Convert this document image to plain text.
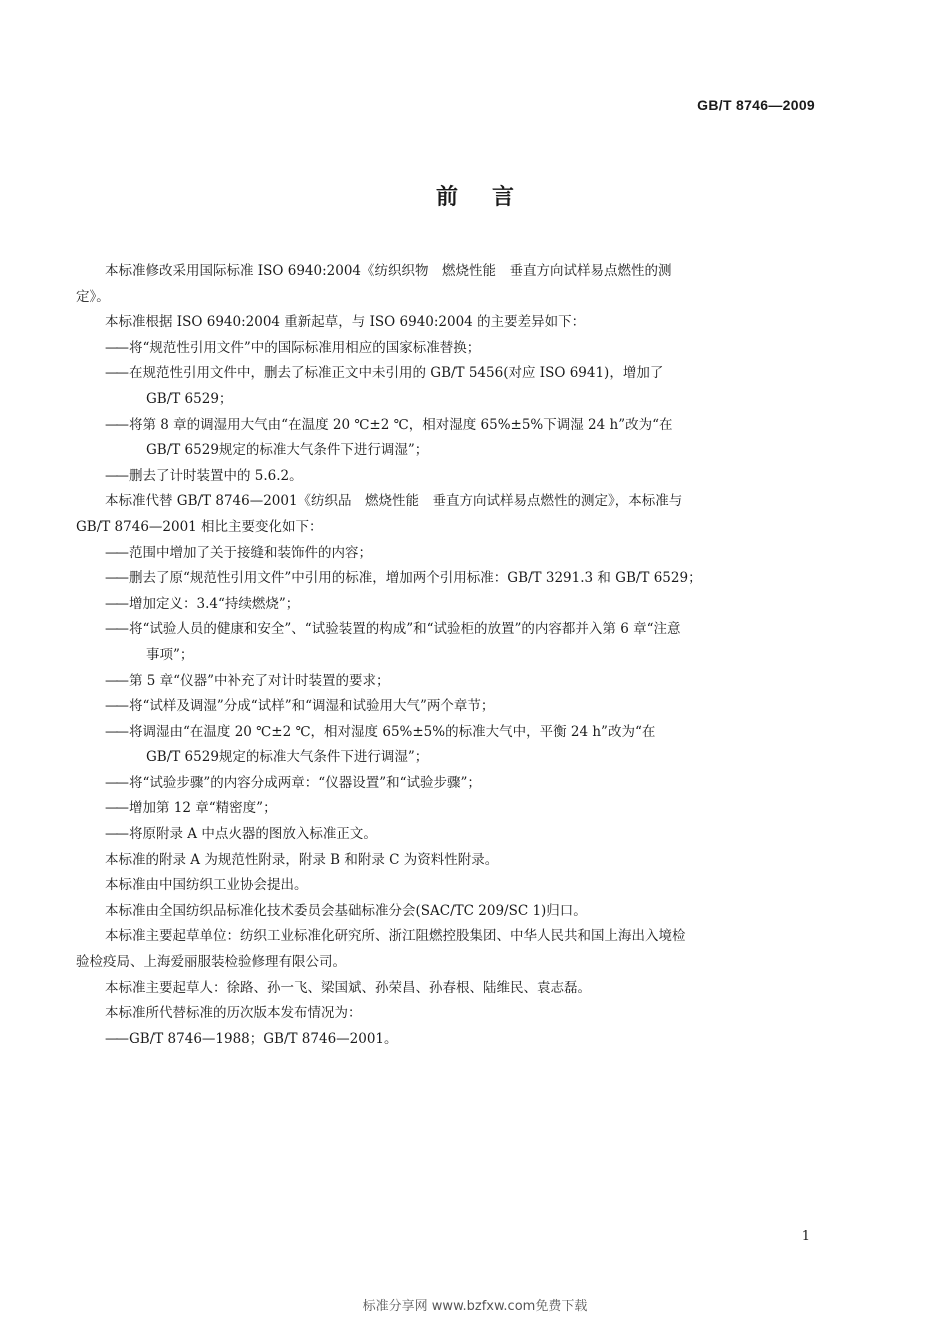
GB/T 8746—2009
前言
本标准修改采用国际标准 ISO 6940:2004《纺织织物　燃烧性能　垂直方向试样易点燃性的测
定》。
本标准根据 ISO 6940:2004 重新起草，与 ISO 6940:2004 的主要差异如下：
—— 将“规范性引用文件”中的国际标准用相应的国家标准替换；
—— 在规范性引用文件中，删去了标准正文中未引用的 GB/T 5456(对应 ISO 6941)，增加了
GB/T 6529；
—— 将第 8 章的调湿用大气由“在温度 20 ℃±2 ℃，相对湿度 65%±5%下调湿 24 h”改为“在
GB/T 6529规定的标准大气条件下进行调湿”；
—— 删去了计时装置中的 5.6.2。
本标准代替 GB/T 8746—2001《纺织品　燃烧性能　垂直方向试样易点燃性的测定》，本标准与
GB/T 8746—2001 相比主要变化如下：
—— 范围中增加了关于接缝和装饰件的内容；
—— 删去了原“规范性引用文件”中引用的标准，增加两个引用标准：GB/T 3291.3 和 GB/T 6529；
—— 增加定义：3.4“持续燃烧”；
—— 将“试验人员的健康和安全”、“试验装置的构成”和“试验柜的放置”的内容都并入第 6 章“注意
事项”；
—— 第 5 章“仪器”中补充了对计时装置的要求；
—— 将“试样及调湿”分成“试样”和“调湿和试验用大气”两个章节；
—— 将调湿由“在温度 20 ℃±2 ℃，相对湿度 65%±5%的标准大气中，平衡 24 h”改为“在
GB/T 6529规定的标准大气条件下进行调湿”；
—— 将“试验步骤”的内容分成两章：“仪器设置”和“试验步骤”；
—— 增加第 12 章“精密度”；
—— 将原附录 A 中点火器的图放入标准正文。
本标准的附录 A 为规范性附录，附录 B 和附录 C 为资料性附录。
本标准由中国纺织工业协会提出。
本标准由全国纺织品标准化技术委员会基础标准分会(SAC/TC 209/SC 1)归口。
本标准主要起草单位：纺织工业标准化研究所、浙江阻燃控股集团、中华人民共和国上海出入境检
验检疫局、上海爱丽服装检验修理有限公司。
本标准主要起草人：徐路、孙一飞、梁国斌、孙荣昌、孙春根、陆维民、袁志磊。
本标准所代替标准的历次版本发布情况为：
—— GB/T 8746—1988；GB/T 8746—2001。
1
标准分享网 www.bzfxw.com免费下载
